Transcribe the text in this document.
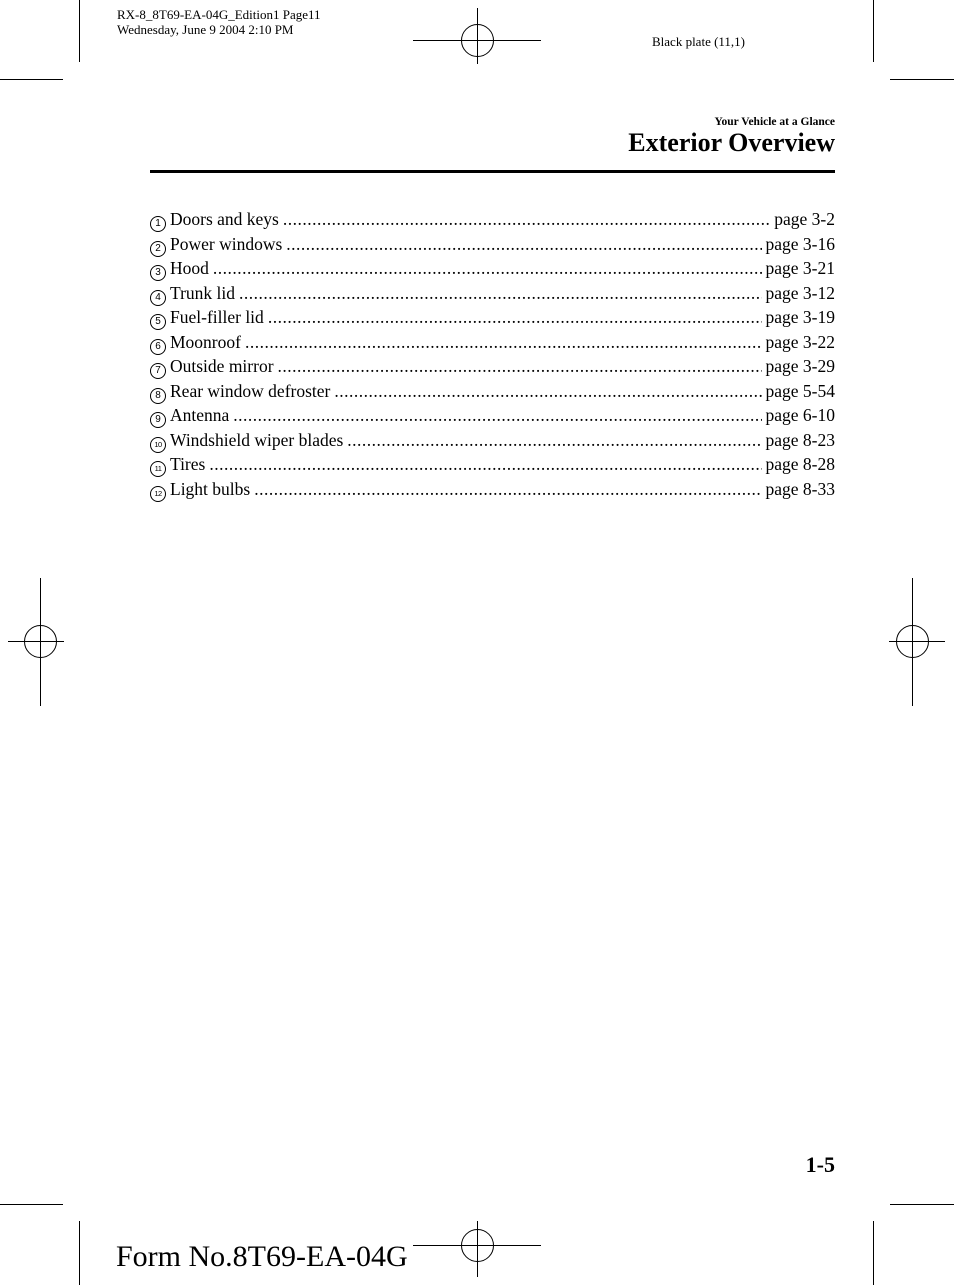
RX-8_8T69-EA-04G_Edition1 Page11
Wednesday, June 9 2004 2:10 PM
Black plate (11,1)
Your Vehicle at a Glance
Exterior Overview
1 Doors and keys .....	page 3-2
2 Power windows .....	page 3-16
3 Hood .....	page 3-21
4 Trunk lid .....	page 3-12
5 Fuel-filler lid .....	page 3-19
6 Moonroof .....	page 3-22
7 Outside mirror .....	page 3-29
8 Rear window defroster .....	page 5-54
9 Antenna .....	page 6-10
10 Windshield wiper blades .....	page 8-23
11 Tires .....	page 8-28
12 Light bulbs .....	page 8-33
1-5
Form No.8T69-EA-04G
